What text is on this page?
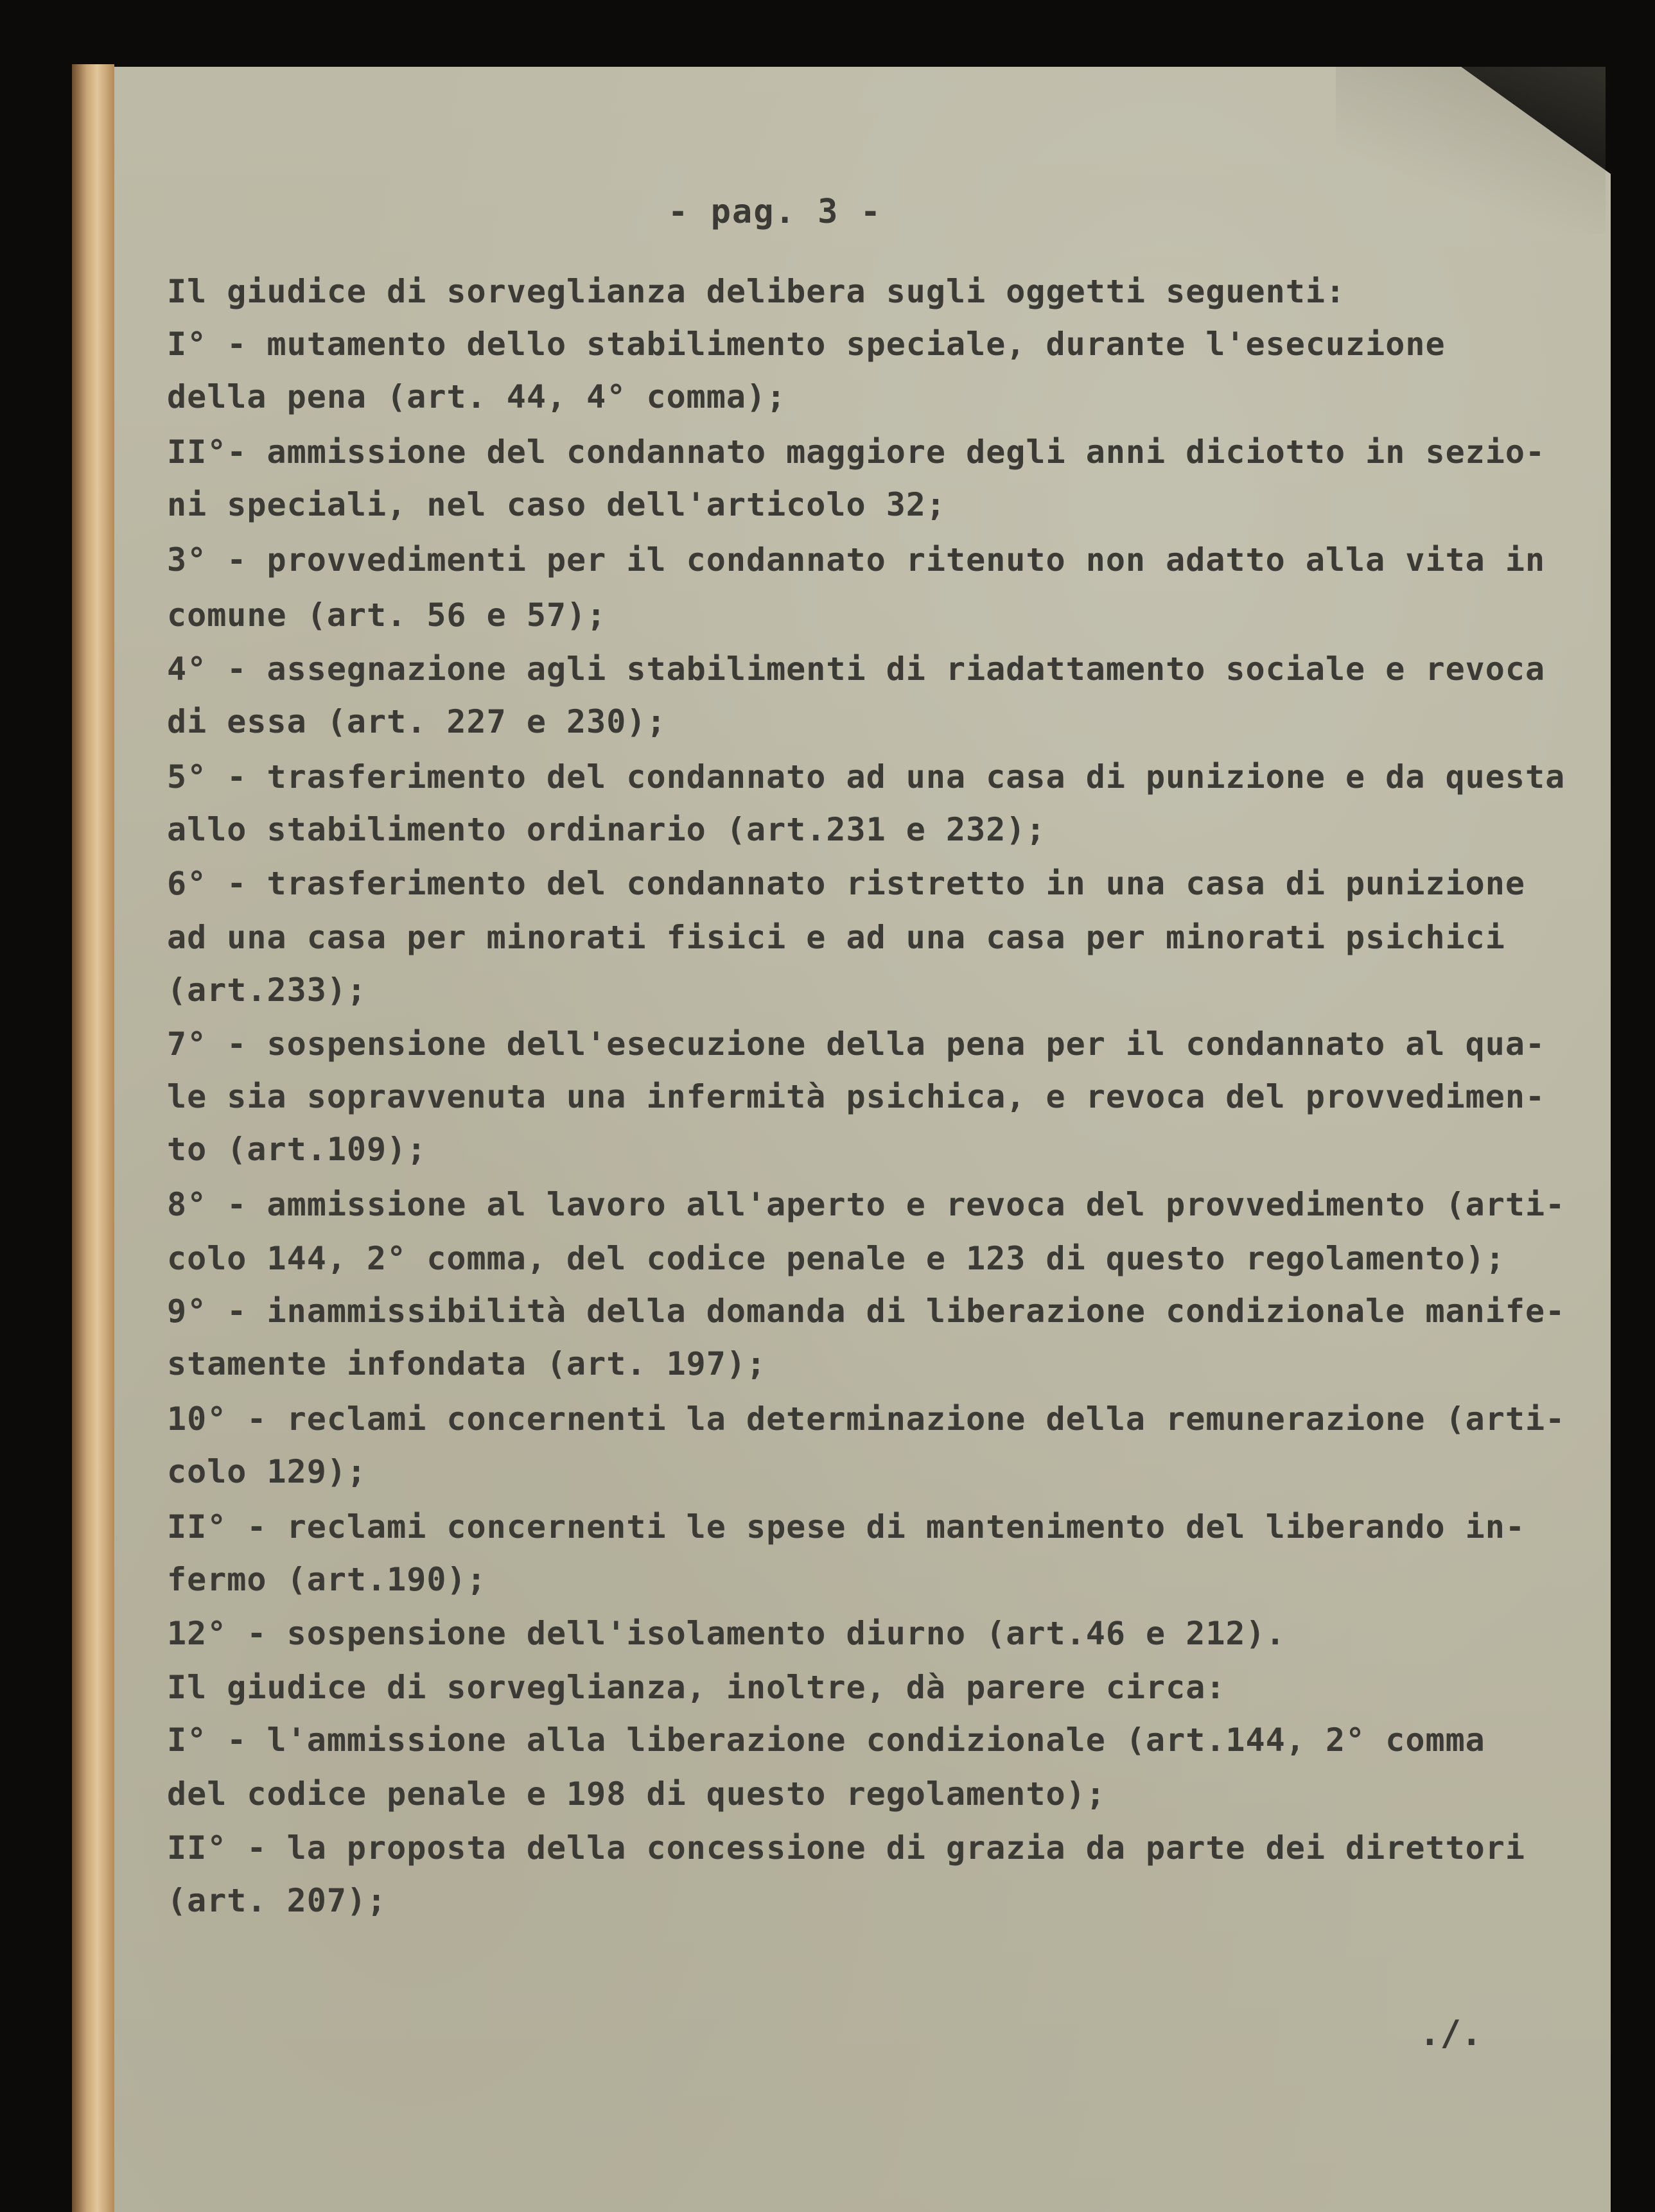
- pag. 3 -
Il giudice di sorveglianza delibera sugli oggetti seguenti:
I° - mutamento dello stabilimento speciale, durante l'esecuzione
della pena (art. 44, 4° comma);
II°- ammissione del condannato maggiore degli anni diciotto in sezio-
ni speciali, nel caso dell'articolo 32;
3° - provvedimenti per il condannato ritenuto non adatto alla vita in
comune (art. 56 e 57);
4° - assegnazione agli stabilimenti di riadattamento sociale e revoca
di essa (art. 227 e 230);
5° - trasferimento del condannato ad una casa di punizione e da questa
allo stabilimento ordinario (art.231 e 232);
6° - trasferimento del condannato ristretto in una casa di punizione
ad una casa per minorati fisici e ad una casa per minorati psichici
(art.233);
7° - sospensione dell'esecuzione della pena per il condannato al qua-
le sia sopravvenuta una infermità psichica, e revoca del provvedimen-
to (art.109);
8° - ammissione al lavoro all'aperto e revoca del provvedimento (arti-
colo 144, 2° comma, del codice penale e 123 di questo regolamento);
9° - inammissibilità della domanda di liberazione condizionale manife-
stamente infondata (art. 197);
10° - reclami concernenti la determinazione della remunerazione (arti-
colo 129);
II° - reclami concernenti le spese di mantenimento del liberando in-
fermo (art.190);
12° - sospensione dell'isolamento diurno (art.46 e 212).
Il giudice di sorveglianza, inoltre, dà parere circa:
I° - l'ammissione alla liberazione condizionale (art.144, 2° comma
del codice penale e 198 di questo regolamento);
II° - la proposta della concessione di grazia da parte dei direttori
(art. 207);
./.
